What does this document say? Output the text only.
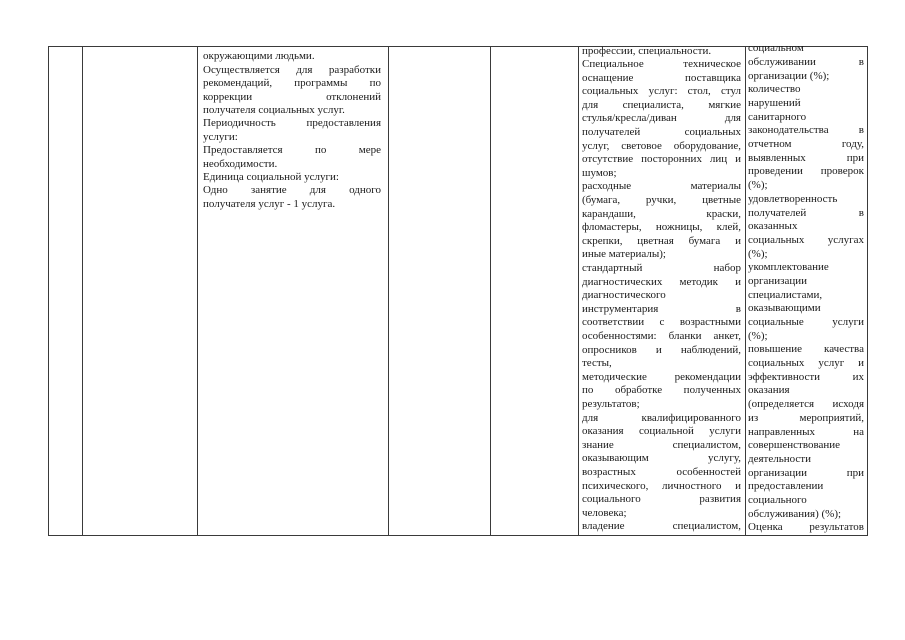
окружающими людьми.
Осуществляется для разработки
рекомендаций, программы по
коррекции отклонений
получателя социальных услуг.
Периодичность предоставления
услуги:
Предоставляется по мере
необходимости.
Единица социальной услуги:
Одно занятие для одного
получателя услуг - 1 услуга.
профессии, специальности.
Специальное техническое
оснащение поставщика
социальных услуг: стол, стул
для специалиста, мягкие
стулья/кресла/диван для
получателей социальных
услуг, световое оборудование,
отсутствие посторонних лиц и
шумов;
расходные материалы
(бумага, ручки, цветные
карандаши, краски,
фломастеры, ножницы, клей,
скрепки, цветная бумага и
иные материалы);
стандартный набор
диагностических методик и
диагностического
инструментария в
соответствии с возрастными
особенностями: бланки анкет,
опросников и наблюдений,
тесты,
методические рекомендации
по обработке полученных
результатов;
для квалифицированного
оказания социальной услуги
знание специалистом,
оказывающим услугу,
возрастных особенностей
психического, личностного и
социального развития
человека;
владение специалистом,
социальном
обслуживании в
организации (%);
количество
нарушений
санитарного
законодательства в
отчетном году,
выявленных при
проведении проверок
(%);
удовлетворенность
получателей в
оказанных
социальных услугах
(%);
укомплектование
организации
специалистами,
оказывающими
социальные услуги
(%);
повышение качества
социальных услуг и
эффективности их
оказания
(определяется исходя
из мероприятий,
направленных на
совершенствование
деятельности
организации при
предоставлении
социального
обслуживания) (%);
Оценка результатов
